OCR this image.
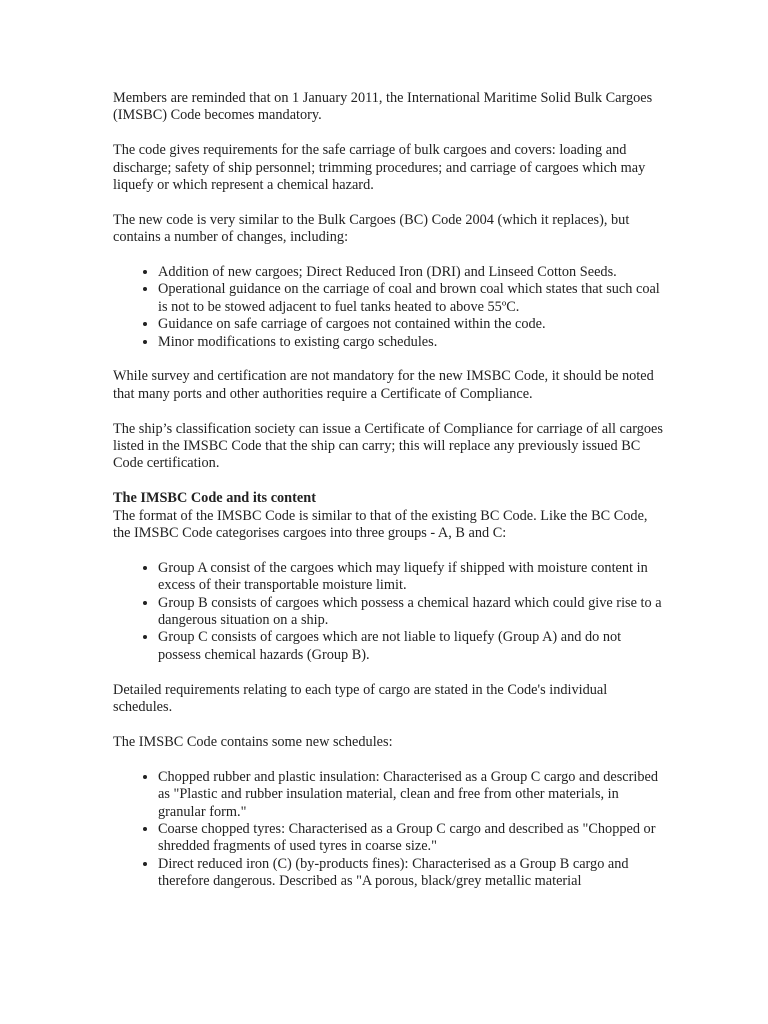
Members are reminded that on 1 January 2011, the International Maritime Solid Bulk Cargoes (IMSBC) Code becomes mandatory.

The code gives requirements for the safe carriage of bulk cargoes and covers: loading and discharge; safety of ship personnel; trimming procedures; and carriage of cargoes which may liquefy or which represent a chemical hazard.

The new code is very similar to the Bulk Cargoes (BC) Code 2004 (which it replaces), but contains a number of changes, including:

• Addition of new cargoes; Direct Reduced Iron (DRI) and Linseed Cotton Seeds.
• Operational guidance on the carriage of coal and brown coal which states that such coal is not to be stowed adjacent to fuel tanks heated to above 55ºC.
• Guidance on safe carriage of cargoes not contained within the code.
• Minor modifications to existing cargo schedules.

While survey and certification are not mandatory for the new IMSBC Code, it should be noted that many ports and other authorities require a Certificate of Compliance.

The ship’s classification society can issue a Certificate of Compliance for carriage of all cargoes listed in the IMSBC Code that the ship can carry; this will replace any previously issued BC Code certification.

The IMSBC Code and its content

The format of the IMSBC Code is similar to that of the existing BC Code. Like the BC Code, the IMSBC Code categorises cargoes into three groups - A, B and C:

• Group A consist of the cargoes which may liquefy if shipped with moisture content in excess of their transportable moisture limit.
• Group B consists of cargoes which possess a chemical hazard which could give rise to a dangerous situation on a ship.
• Group C consists of cargoes which are not liable to liquefy (Group A) and do not possess chemical hazards (Group B).

Detailed requirements relating to each type of cargo are stated in the Code's individual schedules.

The IMSBC Code contains some new schedules:

• Chopped rubber and plastic insulation: Characterised as a Group C cargo and described as "Plastic and rubber insulation material, clean and free from other materials, in granular form."
• Coarse chopped tyres: Characterised as a Group C cargo and described as "Chopped or shredded fragments of used tyres in coarse size."
• Direct reduced iron (C) (by-products fines): Characterised as a Group B cargo and therefore dangerous. Described as "A porous, black/grey metallic material
